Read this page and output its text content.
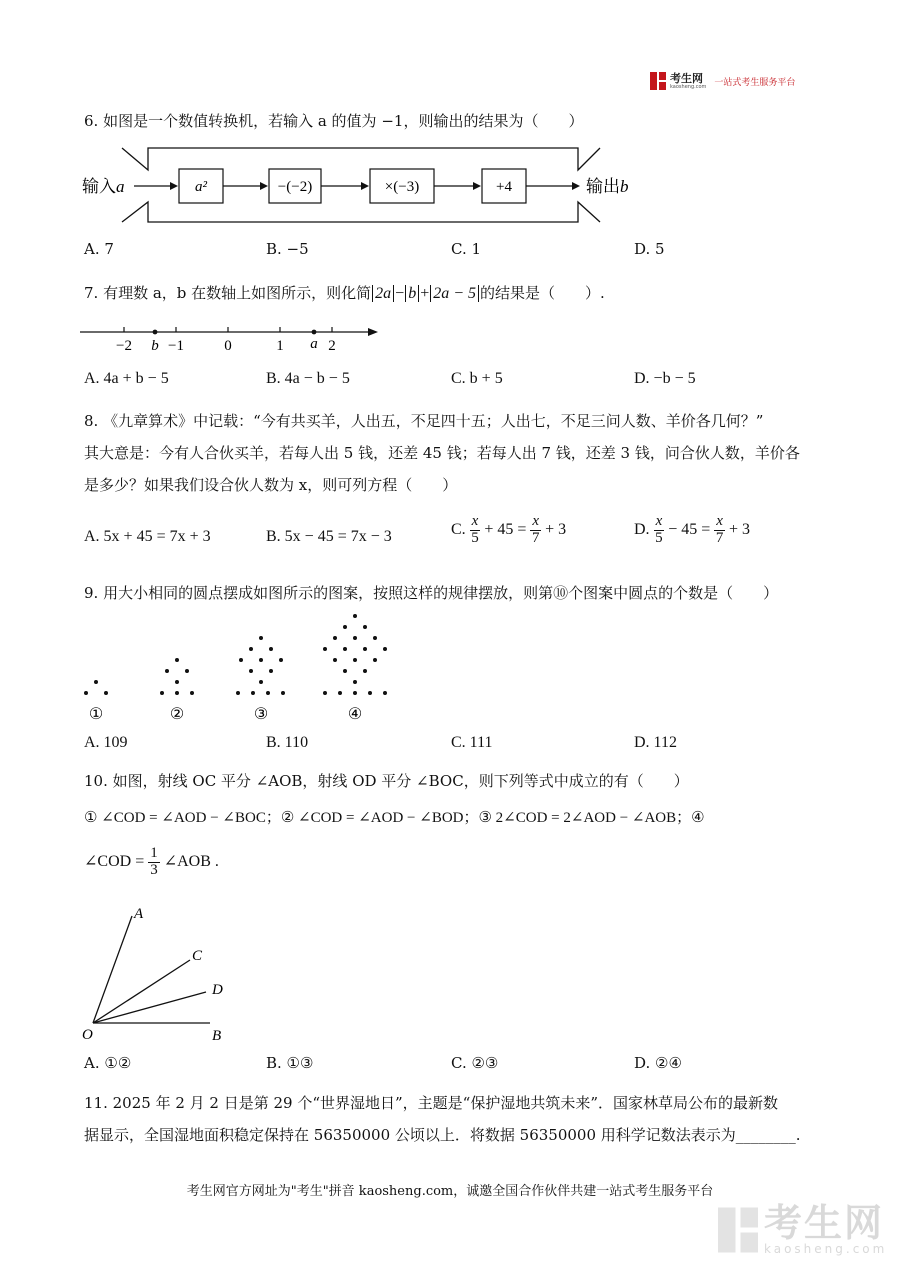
考生网
kaosheng.com 一站式考生服务平台
6. 如图是一个数值转换机，若输入 a 的值为 −1，则输出的结果为（　　）
输入a	a²	−(−2)	×(−3)	+4	输出b
A. 7	B. −5	C. 1	D. 5
7. 有理数 a，b 在数轴上如图所示，则化简 2a − b + 2a − 5 的结果是（　　）.
−2 b −1	0	1 a 2
A. 4a + b − 5	B. 4a − b − 5	C. b + 5	D. −b − 5
8. 《九章算术》中记载：“今有共买羊，人出五，不足四十五；人出七，不足三问人数、羊价各几何？”
其大意是：今有人合伙买羊，若每人出 5 钱，还差 45 钱；若每人出 7 钱，还差 3 钱，问合伙人数，羊价各
是多少？如果我们设合伙人数为 x，则可列方程（　　）
A. 5x + 45 = 7x + 3	B. 5x − 45 = 7x − 3	C. $\frac{x}{5} + 45 = \frac{x}{7} + 3$	D. $\frac{x}{5} - 45 = \frac{x}{7} + 3$
9. 用大小相同的圆点摆成如图所示的图案，按照这样的规律摆放，则第⑩个图案中圆点的个数是（　　）
①	②	③	④
A. 109	B. 110	C. 111	D. 112
10. 如图，射线 OC 平分 ∠AOB，射线 OD 平分 ∠BOC，则下列等式中成立的有（　　）
① ∠COD = ∠AOD − ∠BOC；② ∠COD = ∠AOD − ∠BOD；③ 2∠COD = 2∠AOD − ∠AOB；④
∠COD = $\frac{1}{3}$ ∠AOB .
A
C
D
O	B
A. ①②	B. ①③	C. ②③	D. ②④
11. 2025 年 2 月 2 日是第 29 个“世界湿地日”，主题是“保护湿地共筑未来”．国家林草局公布的最新数
据显示，全国湿地面积稳定保持在 56350000 公顷以上．将数据 56350000 用科学记数法表示为________.
考生网官方网址为"考生"拼音 kaosheng.com，诚邀全国合作伙伴共建一站式考生服务平台
考生网
kaosheng.com
